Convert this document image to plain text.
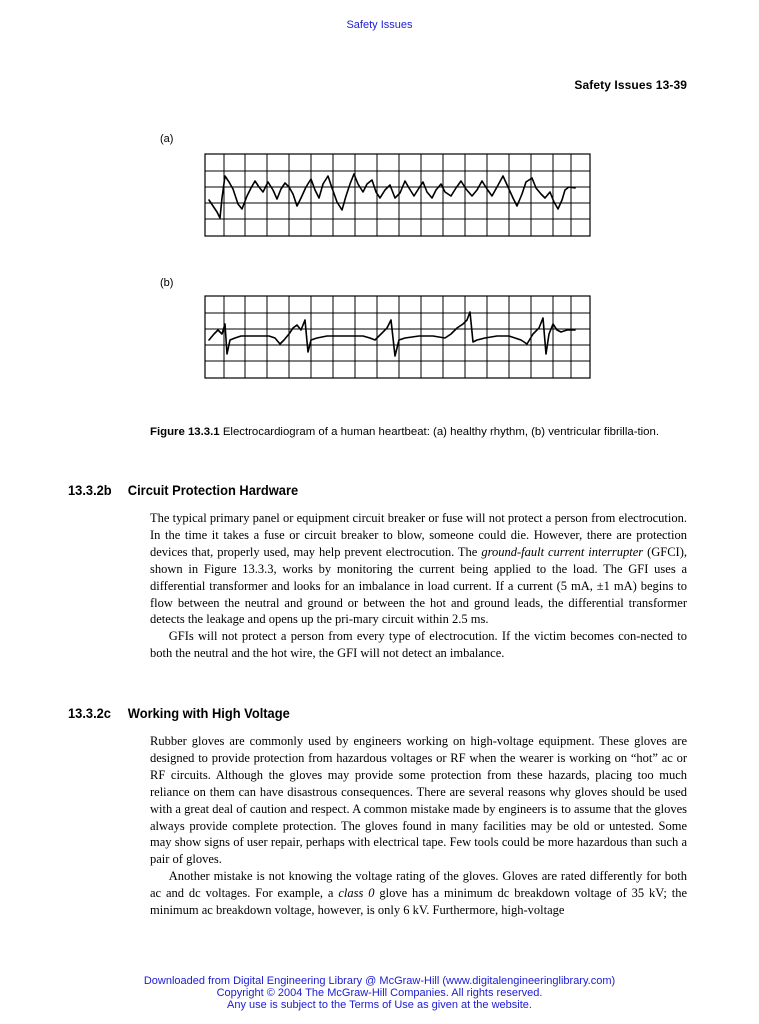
Safety Issues
Safety Issues 13-39
(a)
(b)
Figure 13.3.1 Electrocardiogram of a human heartbeat: (a) healthy rhythm, (b) ventricular fibrilla-tion.
13.3.2b Circuit Protection Hardware

The typical primary panel or equipment circuit breaker or fuse will not protect a person from electrocution. In the time it takes a fuse or circuit breaker to blow, someone could die. However, there are protection devices that, properly used, may help prevent electrocution. The ground-fault current interrupter (GFCI), shown in Figure 13.3.3, works by monitoring the current being applied to the load. The GFI uses a differential transformer and looks for an imbalance in load current. If a current (5 mA, ±1 mA) begins to flow between the neutral and ground or between the hot and ground leads, the differential transformer detects the leakage and opens up the pri-mary circuit within 2.5 ms.

GFIs will not protect a person from every type of electrocution. If the victim becomes con-nected to both the neutral and the hot wire, the GFI will not detect an imbalance.

13.3.2c Working with High Voltage

Rubber gloves are commonly used by engineers working on high-voltage equipment. These gloves are designed to provide protection from hazardous voltages or RF when the wearer is working on “hot” ac or RF circuits. Although the gloves may provide some protection from these hazards, placing too much reliance on them can have disastrous consequences. There are several reasons why gloves should be used with a great deal of caution and respect. A common mistake made by engineers is to assume that the gloves always provide complete protection. The gloves found in many facilities may be old or untested. Some may show signs of user repair, perhaps with electrical tape. Few tools could be more hazardous than such a pair of gloves.

Another mistake is not knowing the voltage rating of the gloves. Gloves are rated differently for both ac and dc voltages. For example, a class 0 glove has a minimum dc breakdown voltage of 35 kV; the minimum ac breakdown voltage, however, is only 6 kV. Furthermore, high-voltage

Downloaded from Digital Engineering Library @ McGraw-Hill (www.digitalengineeringlibrary.com)
Copyright © 2004 The McGraw-Hill Companies. All rights reserved.
Any use is subject to the Terms of Use as given at the website.
